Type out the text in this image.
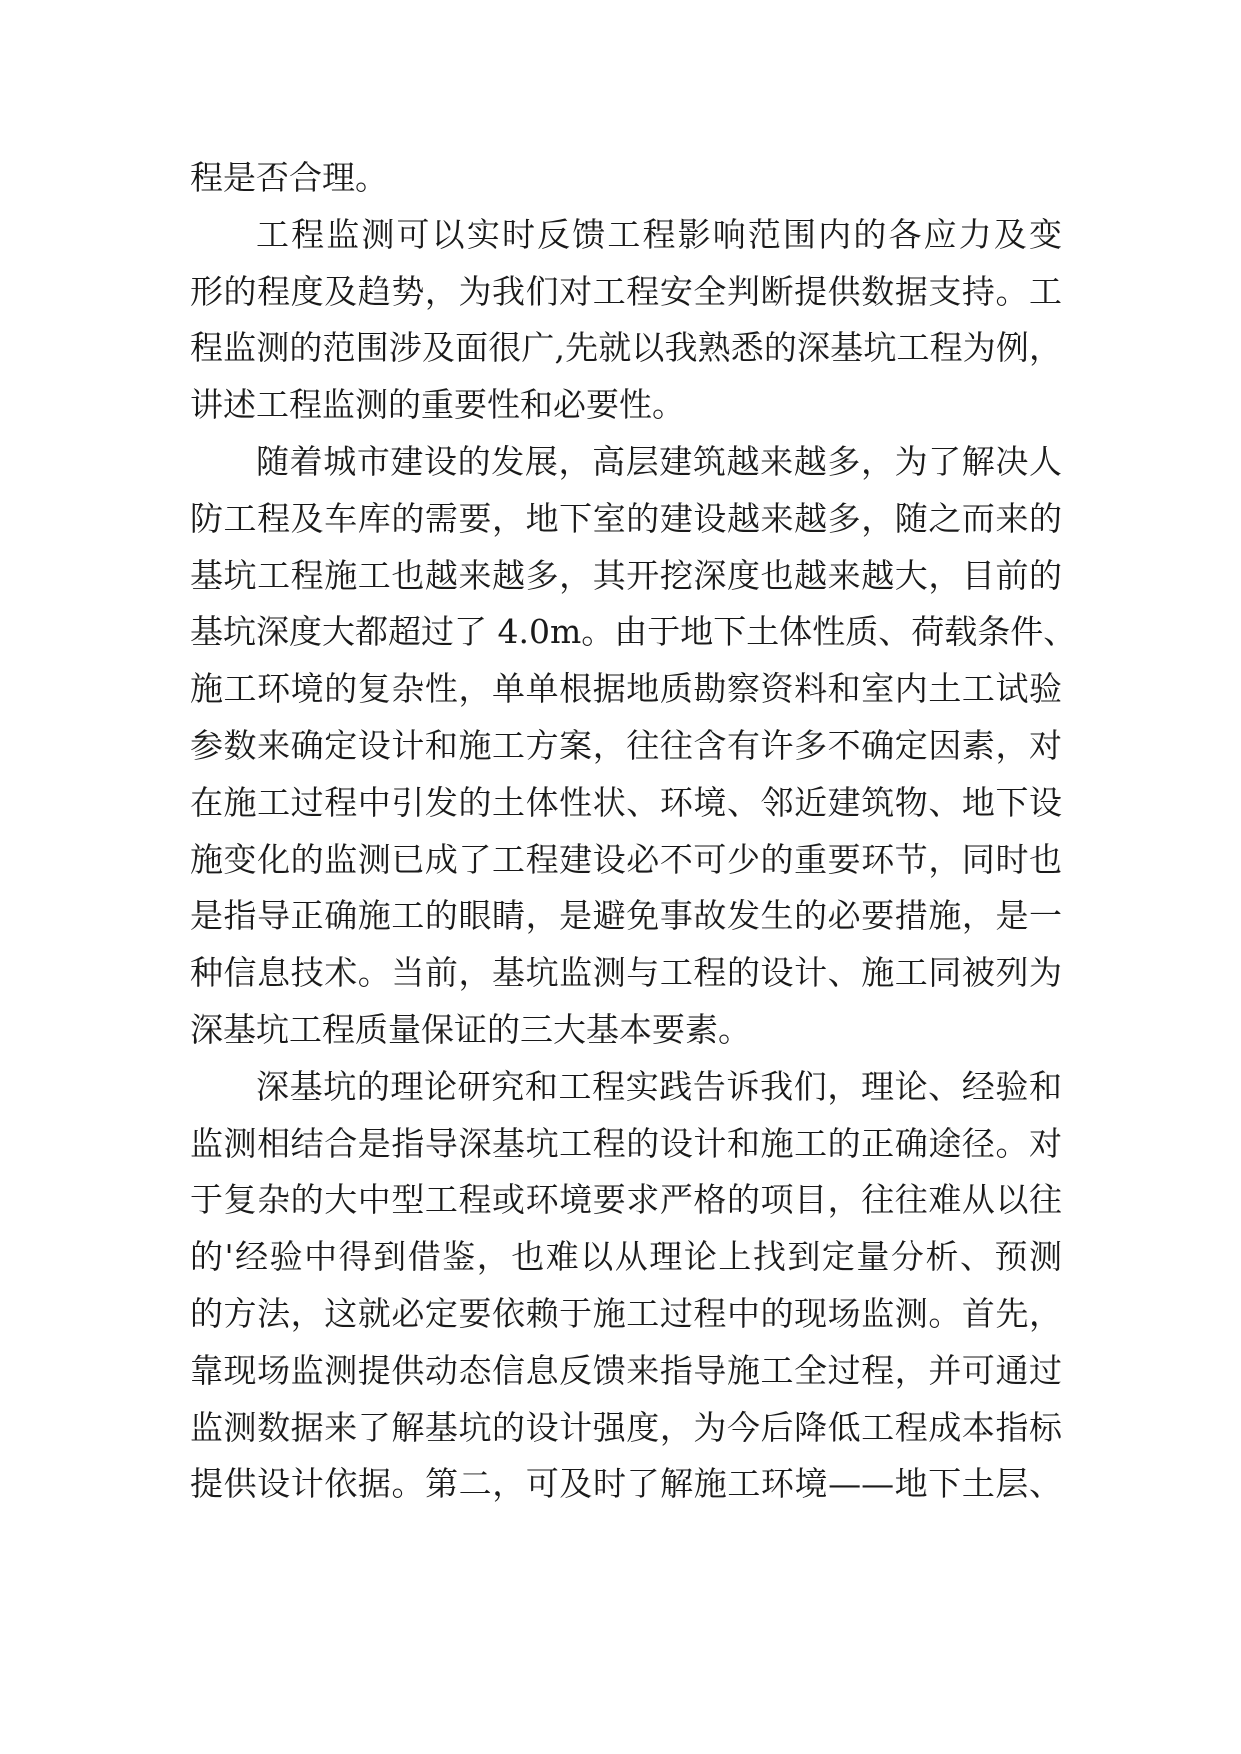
程是否合理。
工程监测可以实时反馈工程影响范围内的各应力及变
形的程度及趋势，为我们对工程安全判断提供数据支持。工
程监测的范围涉及面很广,先就以我熟悉的深基坑工程为例，
讲述工程监测的重要性和必要性。
随着城市建设的发展，高层建筑越来越多，为了解决人
防工程及车库的需要，地下室的建设越来越多，随之而来的
基坑工程施工也越来越多，其开挖深度也越来越大，目前的
基坑深度大都超过了 4.0m。由于地下土体性质、荷载条件、
施工环境的复杂性，单单根据地质勘察资料和室内土工试验
参数来确定设计和施工方案，往往含有许多不确定因素，对
在施工过程中引发的土体性状、环境、邻近建筑物、地下设
施变化的监测已成了工程建设必不可少的重要环节，同时也
是指导正确施工的眼睛，是避免事故发生的必要措施，是一
种信息技术。当前，基坑监测与工程的设计、施工同被列为
深基坑工程质量保证的三大基本要素。
深基坑的理论研究和工程实践告诉我们，理论、经验和
监测相结合是指导深基坑工程的设计和施工的正确途径。对
于复杂的大中型工程或环境要求严格的项目，往往难从以往
的'经验中得到借鉴，也难以从理论上找到定量分析、预测
的方法，这就必定要依赖于施工过程中的现场监测。首先，
靠现场监测提供动态信息反馈来指导施工全过程，并可通过
监测数据来了解基坑的设计强度，为今后降低工程成本指标
提供设计依据。第二，可及时了解施工环境——地下土层、
